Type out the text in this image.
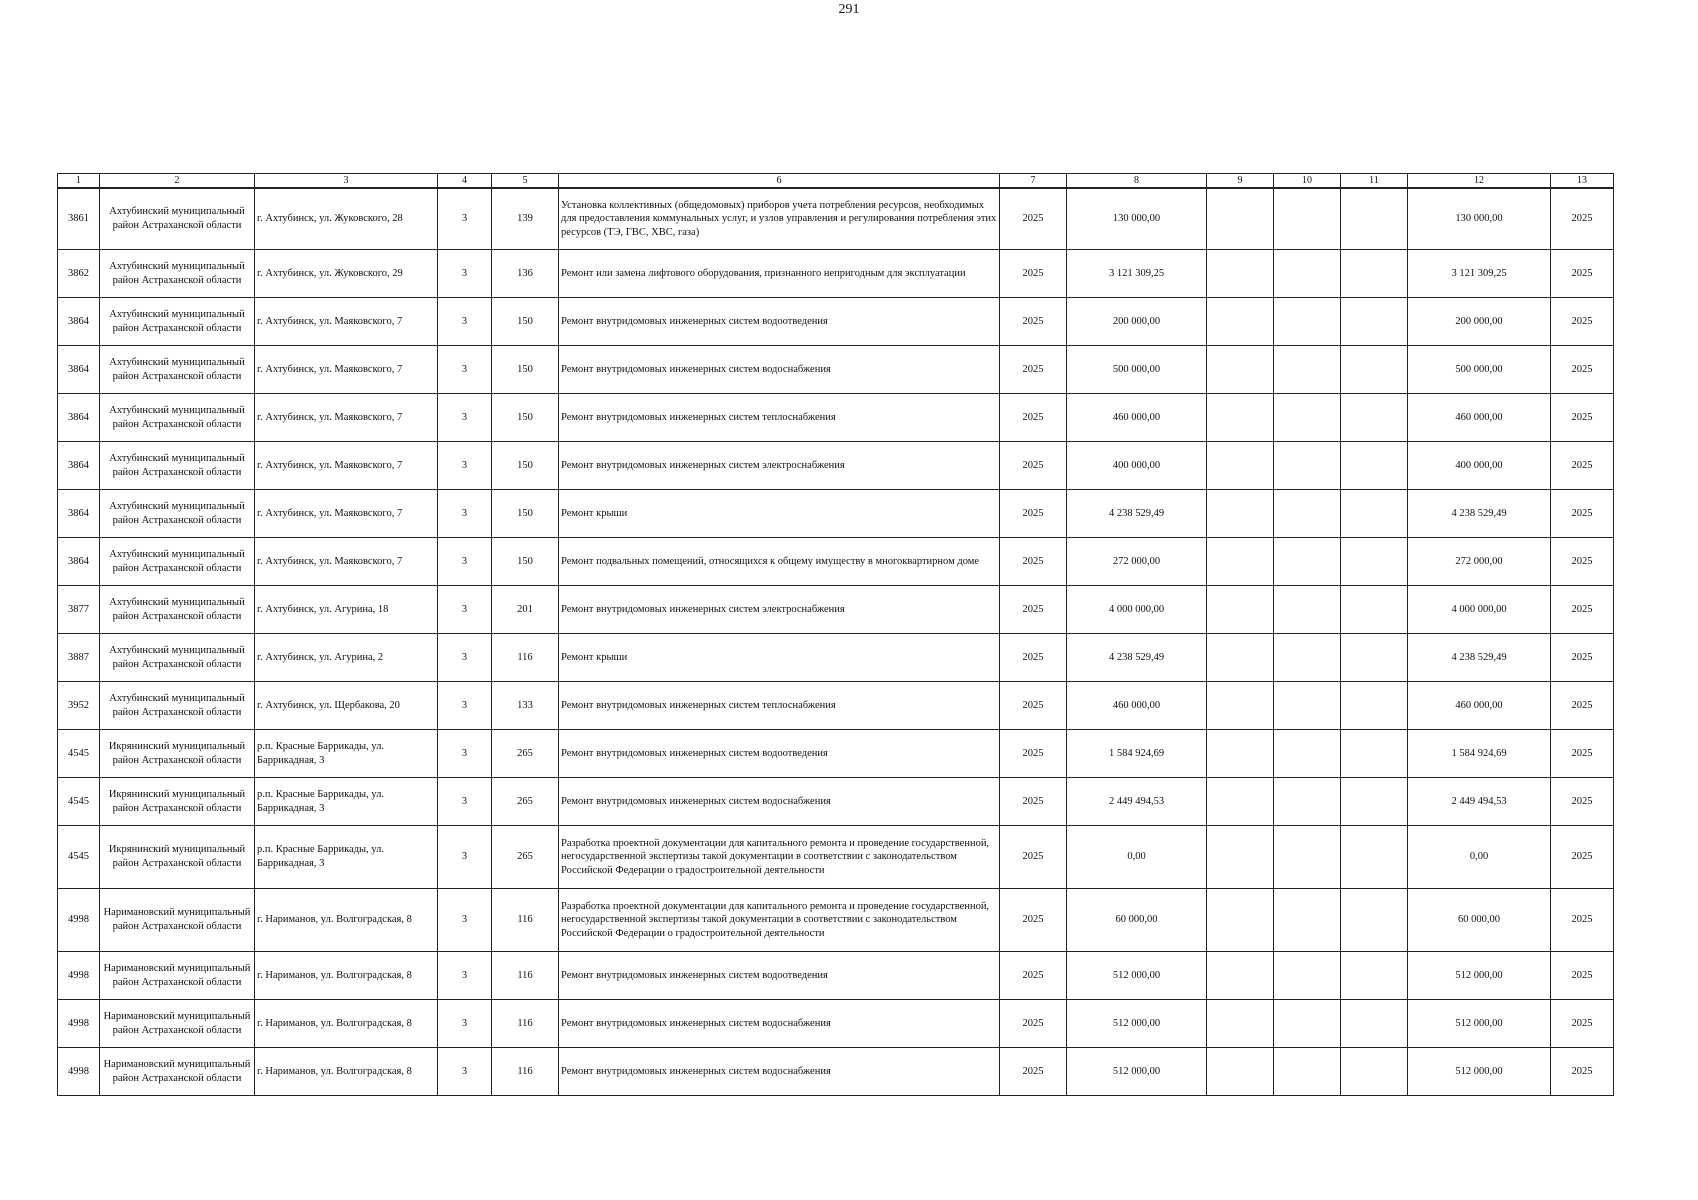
291
1	2	3	4	5	6	7	8	9	10	11	12	13
3861	Ахтубинский муниципальный район Астраханской области	г. Ахтубинск, ул. Жуковского, 28	3	139	Установка коллективных (общедомовых) приборов учета потребления ресурсов, необходимых для предоставления коммунальных услуг, и узлов управления и регулирования потребления этих ресурсов (ТЭ, ГВС, ХВС, газа)	2025	130 000,00				130 000,00	2025
3862	Ахтубинский муниципальный район Астраханской области	г. Ахтубинск, ул. Жуковского, 29	3	136	Ремонт или замена лифтового оборудования, признанного непригодным для эксплуатации	2025	3 121 309,25				3 121 309,25	2025
3864	Ахтубинский муниципальный район Астраханской области	г. Ахтубинск, ул. Маяковского, 7	3	150	Ремонт внутридомовых инженерных систем водоотведения	2025	200 000,00				200 000,00	2025
3864	Ахтубинский муниципальный район Астраханской области	г. Ахтубинск, ул. Маяковского, 7	3	150	Ремонт внутридомовых инженерных систем водоснабжения	2025	500 000,00				500 000,00	2025
3864	Ахтубинский муниципальный район Астраханской области	г. Ахтубинск, ул. Маяковского, 7	3	150	Ремонт внутридомовых инженерных систем теплоснабжения	2025	460 000,00				460 000,00	2025
3864	Ахтубинский муниципальный район Астраханской области	г. Ахтубинск, ул. Маяковского, 7	3	150	Ремонт внутридомовых инженерных систем электроснабжения	2025	400 000,00				400 000,00	2025
3864	Ахтубинский муниципальный район Астраханской области	г. Ахтубинск, ул. Маяковского, 7	3	150	Ремонт крыши	2025	4 238 529,49				4 238 529,49	2025
3864	Ахтубинский муниципальный район Астраханской области	г. Ахтубинск, ул. Маяковского, 7	3	150	Ремонт подвальных помещений, относящихся к общему имуществу в многоквартирном доме	2025	272 000,00				272 000,00	2025
3877	Ахтубинский муниципальный район Астраханской области	г. Ахтубинск, ул. Агурина, 18	3	201	Ремонт внутридомовых инженерных систем электроснабжения	2025	4 000 000,00				4 000 000,00	2025
3887	Ахтубинский муниципальный район Астраханской области	г. Ахтубинск, ул. Агурина, 2	3	116	Ремонт крыши	2025	4 238 529,49				4 238 529,49	2025
3952	Ахтубинский муниципальный район Астраханской области	г. Ахтубинск, ул. Щербакова, 20	3	133	Ремонт внутридомовых инженерных систем теплоснабжения	2025	460 000,00				460 000,00	2025
4545	Икрянинский муниципальный район Астраханской области	р.п. Красные Баррикады, ул. Баррикадная, 3	3	265	Ремонт внутридомовых инженерных систем водоотведения	2025	1 584 924,69				1 584 924,69	2025
4545	Икрянинский муниципальный район Астраханской области	р.п. Красные Баррикады, ул. Баррикадная, 3	3	265	Ремонт внутридомовых инженерных систем водоснабжения	2025	2 449 494,53				2 449 494,53	2025
4545	Икрянинский муниципальный район Астраханской области	р.п. Красные Баррикады, ул. Баррикадная, 3	3	265	Разработка проектной документации для капитального ремонта и проведение государственной, негосударственной экспертизы такой документации в соответствии с законодательством Российской Федерации о градостроительной деятельности	2025	0,00				0,00	2025
4998	Наримановский муниципальный район Астраханской области	г. Нариманов, ул. Волгоградская, 8	3	116	Разработка проектной документации для капитального ремонта и проведение государственной, негосударственной экспертизы такой документации в соответствии с законодательством Российской Федерации о градостроительной деятельности	2025	60 000,00				60 000,00	2025
4998	Наримановский муниципальный район Астраханской области	г. Нариманов, ул. Волгоградская, 8	3	116	Ремонт внутридомовых инженерных систем водоотведения	2025	512 000,00				512 000,00	2025
4998	Наримановский муниципальный район Астраханской области	г. Нариманов, ул. Волгоградская, 8	3	116	Ремонт внутридомовых инженерных систем водоснабжения	2025	512 000,00				512 000,00	2025
4998	Наримановский муниципальный район Астраханской области	г. Нариманов, ул. Волгоградская, 8	3	116	Ремонт внутридомовых инженерных систем водоснабжения	2025	512 000,00				512 000,00	2025
